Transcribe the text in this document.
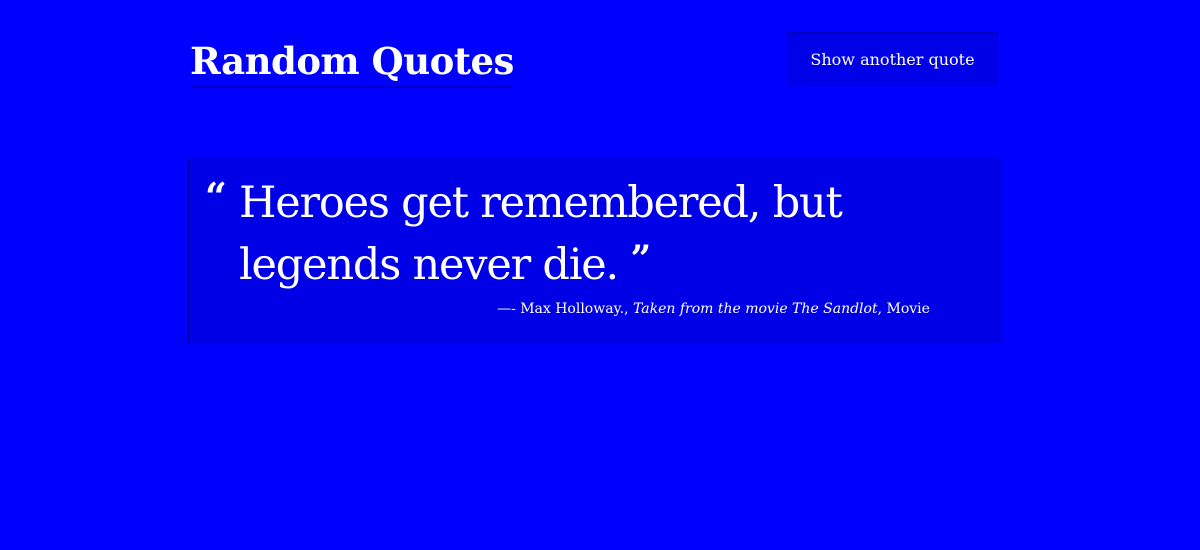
Random Quotes	Show another quote
“ Heroes get remembered, but legends never die. ”

—- Max Holloway., Taken from the movie The Sandlot, Movie
